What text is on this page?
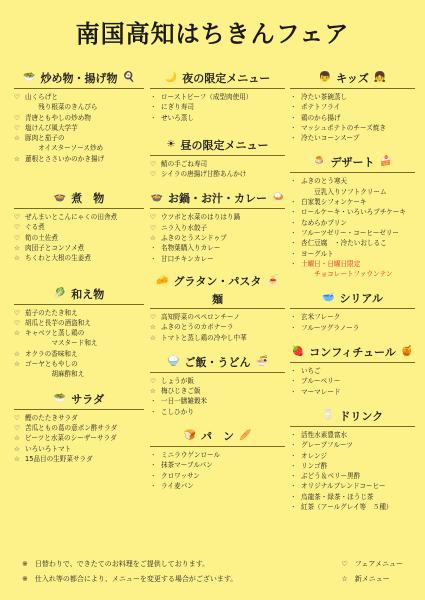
南国高知はちきんフェア
🥗 炒め物・揚げ物 🍳
♡ 山くらげと
　　残り根菜のきんぴら
♡ 青唐ともやしの炒め物
♡ 塩けんび風大学芋
☆ 豚肉と茄子の
　　オイスターソース炒め
☆ 蓮根とささいかのかき揚げ
🍲 煮　物
♡ ぜんまいとこんにゃくの田舎煮
♡ ぐる煮
♡ 筍の土佐煮
☆ 肉団子とコンソメ煮
☆ ちくわと大根の生姜煮
🥬 和え物
♡ 茄子のたたき和え
♡ 胡瓜と長芋の酒盗和え
☆ キャベツと蒸し鶏の
　　　　マスタード和え
☆ オクラの香味和え
☆ ゴーヤともやしの
　　　　胡麻酢和え
🥗 サラダ
♡ 鰹のたたきサラダ
♡ 苦瓜ともの葛の意ポン酢サラダ
☆ ビーツと水菜のシーザーサラダ
☆ いろいろトマト
☆ 15品目の生野菜サラダ
🌙 夜の限定メニュー
・ ローストビーフ（成型肉使用）
・ にぎり寿司
・ せいろ蒸し
☀ 昼の限定メニュー
♡ 鯖の手ごね寿司
♡ シイラの唐揚げ甘酢あんかけ
🍲 お鍋・お汁・カレー 🍛
♡ ウツボと水菜のはりはり鍋
♡ ニラ入り水餃子
☆ ふきのとうスンドゥブ
・ 名物葉購入りカレー
・ 甘口チキンカレー
🧀 グラタン・パスタ 🍝
麺
♡ 高知野菜のペペロンチーノ
☆ ふきのとうのカボナーラ
☆ トマトと蒸し鶏の冷やし中華
🍚 ご飯・うどん 🍜
♡ しょうが飯
☆ 梅ひじきご飯
・ 一日一膳雑穀米
・ こしひかり
🍞 パ　ン 🥖
・ ミニラウゲンロール
・ 抹茶マーブルパン
・ クロワッサン
・ ライ麦パン
👦 キッズ 👧
・ 冷たい茶碗蒸し
・ ポテトフライ
・ 鶏のから揚げ
・ マッシュポテトのチーズ焼き
・ 冷たいコーンスープ
🍮 デザート 🍰
・ ふきのとう寒天
　　豆乳入りソフトクリーム
・ 白家製シフォンケーキ
・ ロールケーキ・いろいろプチケーキ
・ なめらかプリン
・ フルーツゼリー・コーヒーゼリー
・ 杏仁豆腐　・冷たいおしるこ
・ ヨーグルト
・ 土曜日・日曜日限定
　　チョコレートファウンテン
🥣 シリアル
・ 玄米フレーク
・ フルーツグラノーラ
🍓 コンフィチュール 🍯
・ いちご
・ ブルーベリー
・ マーマレード
🥛 ドリンク
・ 活性水素豊富水
・ グレープフルーツ
・ オレンジ
・ リンゴ酢
・ ぶどう＆ベリー黒酢
・ オリジナルブレンドコーヒー
・ 烏龍茶・緑茶・ほうじ茶
・ 紅茶（アールグレイ等　５種）
※　日替わりで、できたてのお料理をご提供しております。
※　仕入れ等の都合により、メニューを変更する場合がございます。
♡　フェアメニュー
☆　新メニュー
